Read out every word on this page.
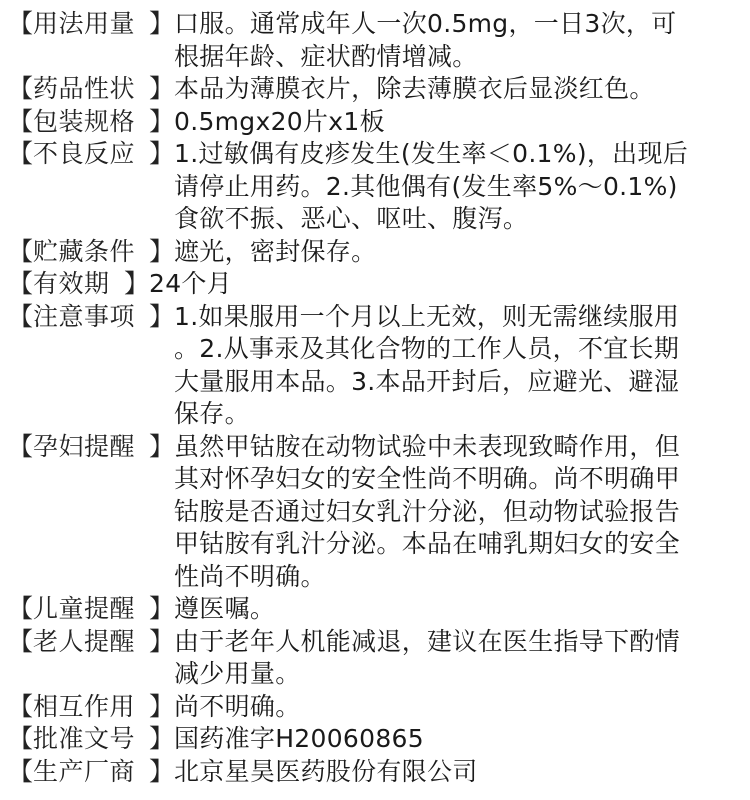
【 用法用量 】 口服。通常成年人一次0.5mg，一日3次，可
根据年龄、症状酌情增减。
【 药品性状 】 本品为薄膜衣片，除去薄膜衣后显淡红色。
【 包装规格 】 0.5mgx20片x1板
【 不良反应 】 1.过敏偶有皮疹发生(发生率＜0.1%)，出现后
请停止用药。2.其他偶有(发生率5%～0.1%)
食欲不振、恶心、呕吐、腹泻。
【 贮藏条件 】 遮光，密封保存。
【 有效期 】 24个月
【 注意事项 】 1.如果服用一个月以上无效，则无需继续服用
。2.从事汞及其化合物的工作人员，不宜长期
大量服用本品。3.本品开封后，应避光、避湿
保存。
【 孕妇提醒 】 虽然甲钴胺在动物试验中未表现致畸作用，但
其对怀孕妇女的安全性尚不明确。尚不明确甲
钴胺是否通过妇女乳汁分泌，但动物试验报告
甲钴胺有乳汁分泌。本品在哺乳期妇女的安全
性尚不明确。
【 儿童提醒 】 遵医嘱。
【 老人提醒 】 由于老年人机能减退，建议在医生指导下酌情
减少用量。
【 相互作用 】 尚不明确。
【 批准文号 】 国药准字H20060865
【 生产厂商 】 北京星昊医药股份有限公司
